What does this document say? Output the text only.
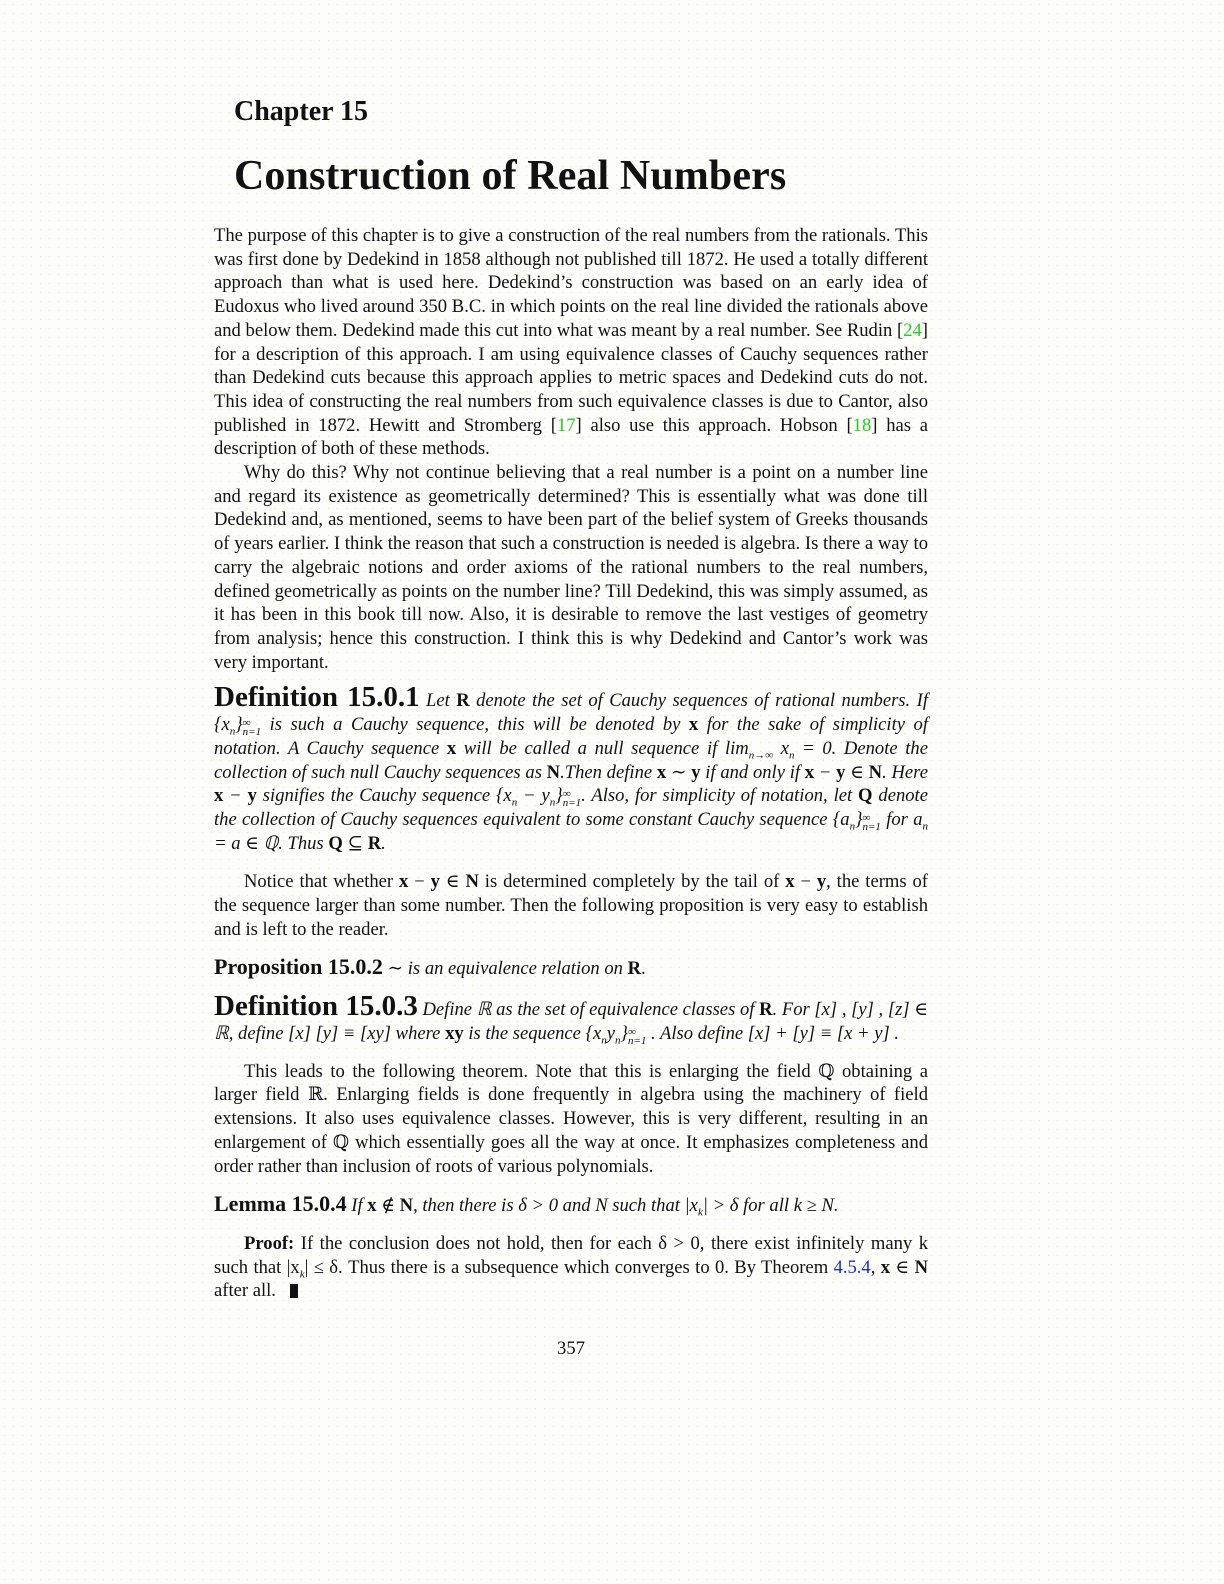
Chapter 15
Construction of Real Numbers

The purpose of this chapter is to give a construction of the real numbers from the rationals. This was first done by Dedekind in 1858 although not published till 1872. He used a totally different approach than what is used here. Dedekind’s construction was based on an early idea of Eudoxus who lived around 350 B.C. in which points on the real line divided the rationals above and below them. Dedekind made this cut into what was meant by a real number. See Rudin [24] for a description of this approach. I am using equivalence classes of Cauchy sequences rather than Dedekind cuts because this approach applies to metric spaces and Dedekind cuts do not. This idea of constructing the real numbers from such equivalence classes is due to Cantor, also published in 1872. Hewitt and Stromberg [17] also use this approach. Hobson [18] has a description of both of these methods.

Why do this? Why not continue believing that a real number is a point on a number line and regard its existence as geometrically determined? This is essentially what was done till Dedekind and, as mentioned, seems to have been part of the belief system of Greeks thousands of years earlier. I think the reason that such a construction is needed is algebra. Is there a way to carry the algebraic notions and order axioms of the rational numbers to the real numbers, defined geometrically as points on the number line? Till Dedekind, this was simply assumed, as it has been in this book till now. Also, it is desirable to remove the last vestiges of geometry from analysis; hence this construction. I think this is why Dedekind and Cantor’s work was very important.

Definition 15.0.1 Let R denote the set of Cauchy sequences of rational numbers. If $\{x_n\}\infty$
n=1 is such a Cauchy sequence, this will be denoted by x for the sake of simplicity of notation. A Cauchy sequence x will be called a null sequence if $\lim_{n\to\infty} x_n = 0$. Denote the collection of such null Cauchy sequences as N.Then define x ∼ y if and only if x − y ∈ N. Here x − y signifies the Cauchy sequence $\{x_n - y_n\}\infty$
n=1. Also, for simplicity of notation, let Q denote the collection of Cauchy sequences equivalent to some constant Cauchy sequence $\{a_n\}\infty$
n=1 for $a_n = a$ ∈ ℚ. Thus Q ⊆ R.

Notice that whether x − y ∈ N is determined completely by the tail of x − y, the terms of the sequence larger than some number. Then the following proposition is very easy to establish and is left to the reader.

Proposition 15.0.2 ∼ is an equivalence relation on R.

Definition 15.0.3 Define ℝ as the set of equivalence classes of R. For [x] , [y] , [z] ∈ ℝ, define [x] [y] ≡ [xy] where xy is the sequence $\{x_ny_n\}\infty$
n=1 . Also define [x] + [y] ≡ [x + y] .

This leads to the following theorem. Note that this is enlarging the field ℚ obtaining a larger field ℝ. Enlarging fields is done frequently in algebra using the machinery of field extensions. It also uses equivalence classes. However, this is very different, resulting in an enlargement of ℚ which essentially goes all the way at once. It emphasizes completeness and order rather than inclusion of roots of various polynomials.

Lemma 15.0.4 If x ∉ N, then there is δ > 0 and N such that $|x_k| > \delta$ for all k ≥ N.

Proof: If the conclusion does not hold, then for each δ > 0, there exist infinitely many k such that $|x_k| \le \delta$. Thus there is a subsequence which converges to 0. By Theorem 4.5.4, x ∈ N after all.

357
